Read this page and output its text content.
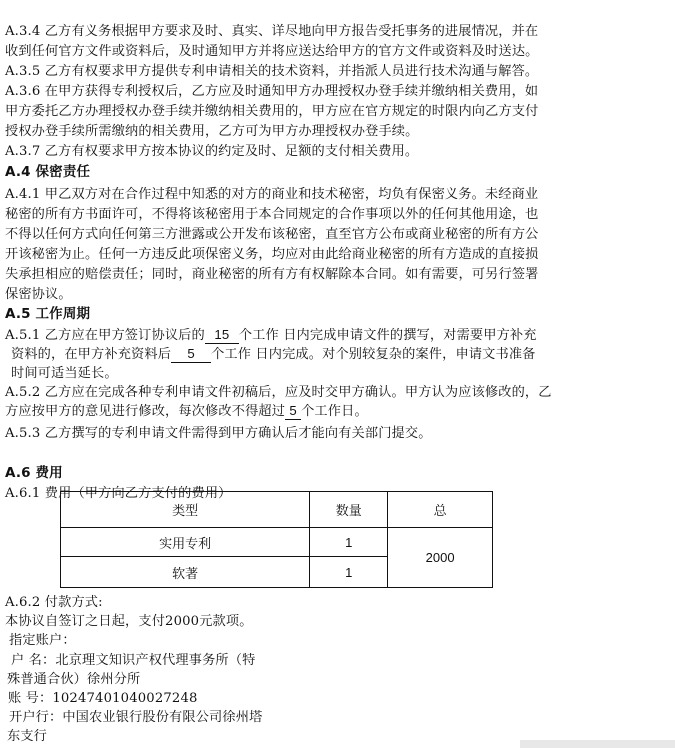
A.3.4 乙方有义务根据甲方要求及时、真实、详尽地向甲方报告受托事务的进展情况，并在
收到任何官方文件或资料后，及时通知甲方并将应送达给甲方的官方文件或资料及时送达。
A.3.5 乙方有权要求甲方提供专利申请相关的技术资料，并指派人员进行技术沟通与解答。
A.3.6 在甲方获得专利授权后，乙方应及时通知甲方办理授权办登手续并缴纳相关费用，如
甲方委托乙方办理授权办登手续并缴纳相关费用的，甲方应在官方规定的时限内向乙方支付
授权办登手续所需缴纳的相关费用，乙方可为甲方办理授权办登手续。
A.3.7 乙方有权要求甲方按本协议的约定及时、足额的支付相关费用。
A.4 保密责任
A.4.1 甲乙双方对在合作过程中知悉的对方的商业和技术秘密，均负有保密义务。未经商业
秘密的所有方书面许可，不得将该秘密用于本合同规定的合作事项以外的任何其他用途，也
不得以任何方式向任何第三方泄露或公开发布该秘密，直至官方公布或商业秘密的所有方公
开该秘密为止。任何一方违反此项保密义务，均应对由此给商业秘密的所有方造成的直接损
失承担相应的赔偿责任；同时，商业秘密的所有方有权解除本合同。如有需要，可另行签署
保密协议。
A.5 工作周期
A.5.1 乙方应在甲方签订协议后的 15 个工作 日内完成申请文件的撰写，对需要甲方补充
资料的，在甲方补充资料后 5 个工作 日内完成。对个别较复杂的案件，申请文书准备
时间可适当延长。
A.5.2 乙方应在完成各种专利申请文件初稿后，应及时交甲方确认。甲方认为应该修改的，乙
方应按甲方的意见进行修改，每次修改不得超过 5 个工作日。
A.5.3 乙方撰写的专利申请文件需得到甲方确认后才能向有关部门提交。
A.6 费用
A.6.1 费用（甲方向乙方支付的费用）
类型	数量	总
实用专利	1	2000
软著	1	
A.6.2 付款方式:
本协议自签订之日起，支付2000元款项。
指定账户：
户 名：北京理文知识产权代理事务所（特
殊普通合伙）徐州分所
账 号：10247401040027248
开户行：中国农业银行股份有限公司徐州塔
东支行
